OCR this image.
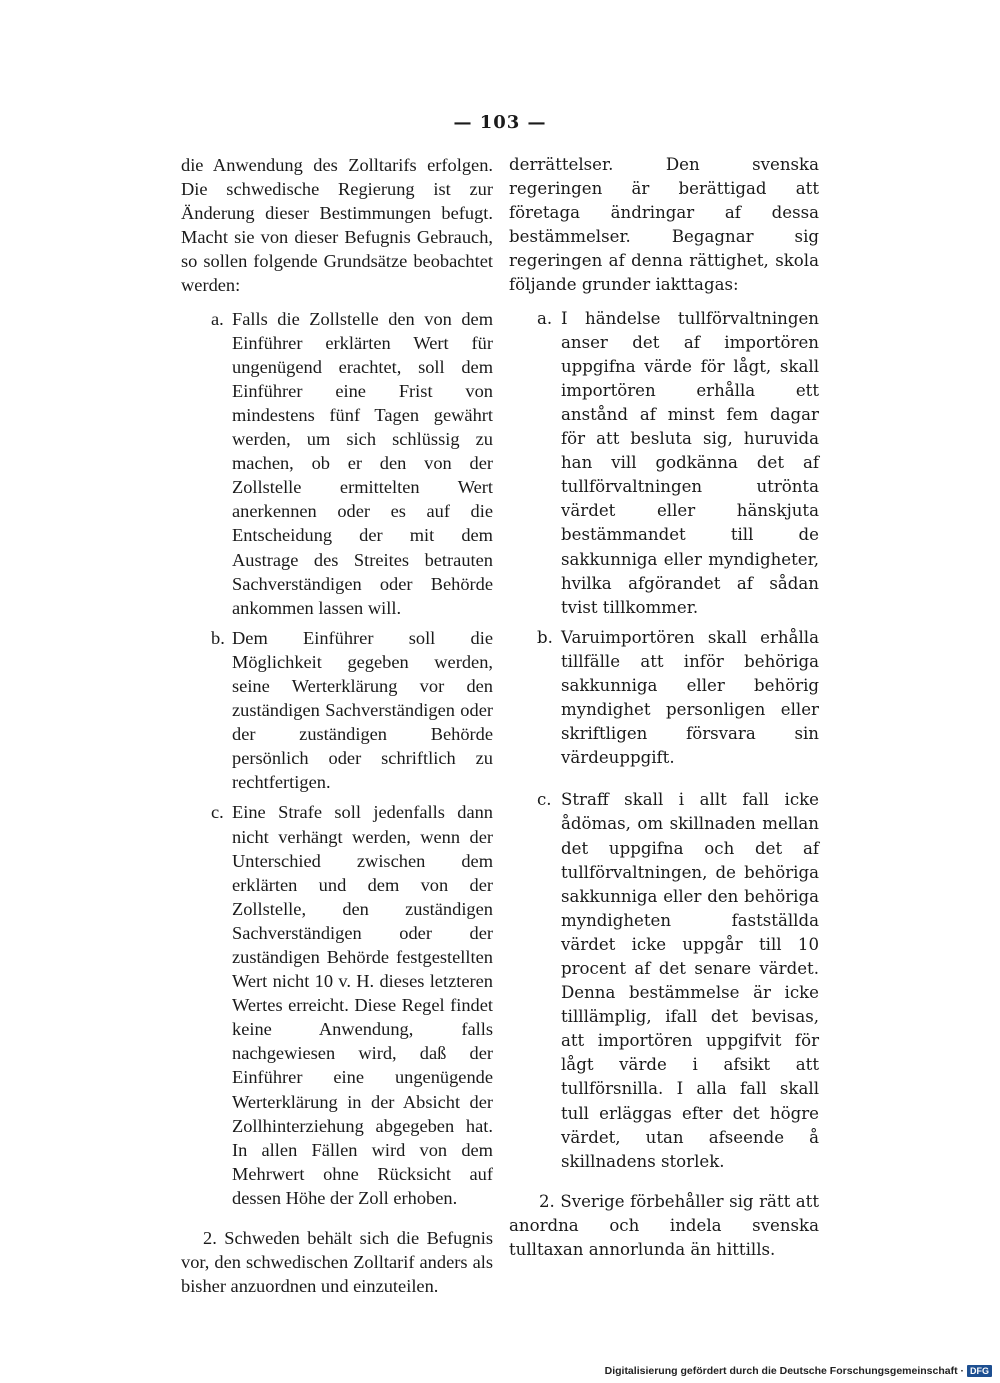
— 103 —

die Anwendung des Zolltarifs erfolgen. Die schwedische Regierung ist zur Änderung dieser Bestimmungen befugt. Macht sie von dieser Befugnis Gebrauch, so sollen folgende Grundsätze beobachtet werden:

a. Falls die Zollstelle den von dem Einführer erklärten Wert für ungenügend erachtet, soll dem Einführer eine Frist von mindestens fünf Tagen gewährt werden, um sich schlüssig zu machen, ob er den von der Zollstelle ermittelten Wert anerkennen oder es auf die Entscheidung der mit dem Austrage des Streites betrauten Sachverständigen oder Behörde ankommen lassen will.

b. Dem Einführer soll die Möglichkeit gegeben werden, seine Werterklärung vor den zuständigen Sachverständigen oder der zuständigen Behörde persönlich oder schriftlich zu rechtfertigen.

c. Eine Strafe soll jedenfalls dann nicht verhängt werden, wenn der Unterschied zwischen dem erklärten und dem von der Zollstelle, den zuständigen Sachverständigen oder der zuständigen Behörde festgestellten Wert nicht 10 v. H. dieses letzteren Wertes erreicht. Diese Regel findet keine Anwendung, falls nachgewiesen wird, daß der Einführer eine ungenügende Werterklärung in der Absicht der Zollhinterziehung abgegeben hat. In allen Fällen wird von dem Mehrwert ohne Rücksicht auf dessen Höhe der Zoll erhoben.

2. Schweden behält sich die Befugnis vor, den schwedischen Zolltarif anders als bisher anzuordnen und einzuteilen.

derrättelser. Den svenska regeringen är berättigad att företaga ändringar af dessa bestämmelser. Begagnar sig regeringen af denna rättighet, skola följande grunder iakttagas:

a. I händelse tullförvaltningen anser det af importören uppgifna värde för lågt, skall importören erhålla ett anstånd af minst fem dagar för att besluta sig, huruvida han vill godkänna det af tullförvaltningen utrönta värdet eller hänskjuta bestämmandet till de sakkunniga eller myndigheter, hvilka afgörandet af sådan tvist tillkommer.

b. Varuimportören skall erhålla tillfälle att inför behöriga sakkunniga eller behörig myndighet personligen eller skriftligen försvara sin värdeuppgift.

c. Straff skall i allt fall icke ådömas, om skillnaden mellan det uppgifna och det af tullförvaltningen, de behöriga sakkunniga eller den behöriga myndigheten fastställda värdet icke uppgår till 10 procent af det senare värdet. Denna bestämmelse är icke tilllämplig, ifall det bevisas, att importören uppgifvit för lågt värde i afsikt att tullförsnilla. I alla fall skall tull erläggas efter det högre värdet, utan afseende å skillnadens storlek.

2. Sverige förbehåller sig rätt att anordna och indela svenska tulltaxan annorlunda än hittills.

Digitalisierung gefördert durch die Deutsche Forschungsgemeinschaft · DFG
